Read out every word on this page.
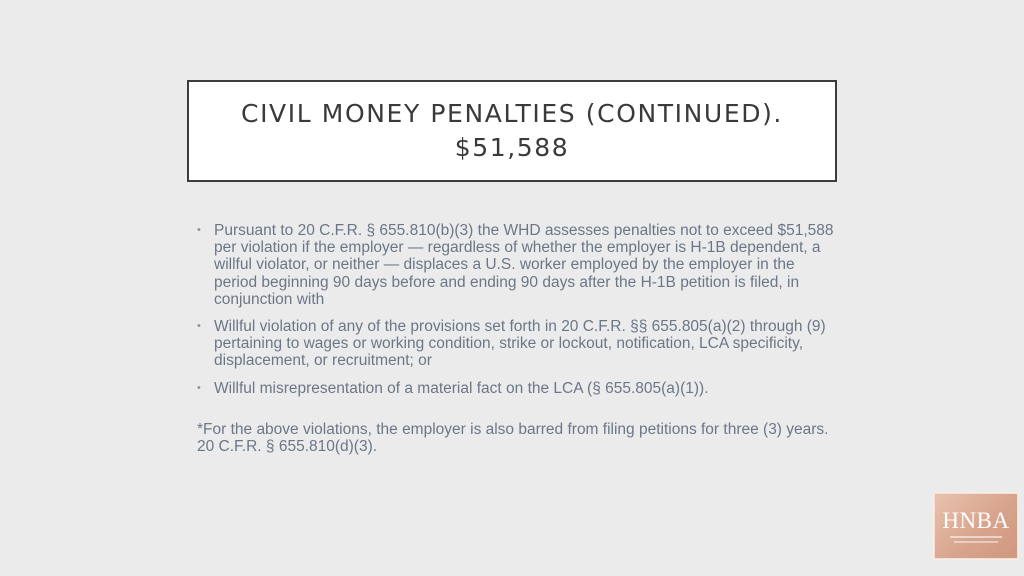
CIVIL MONEY PENALTIES (CONTINUED).
$51,588
• Pursuant to 20 C.F.R. § 655.810(b)(3) the WHD assesses penalties not to exceed $51,588 per violation if the employer — regardless of whether the employer is H-1B dependent, a willful violator, or neither — displaces a U.S. worker employed by the employer in the period beginning 90 days before and ending 90 days after the H-1B petition is filed, in conjunction with
• Willful violation of any of the provisions set forth in 20 C.F.R. §§ 655.805(a)(2) through (9) pertaining to wages or working condition, strike or lockout, notification, LCA specificity, displacement, or recruitment; or
• Willful misrepresentation of a material fact on the LCA (§ 655.805(a)(1)).
*For the above violations, the employer is also barred from filing petitions for three (3) years. 20 C.F.R. § 655.810(d)(3).
HNBA
